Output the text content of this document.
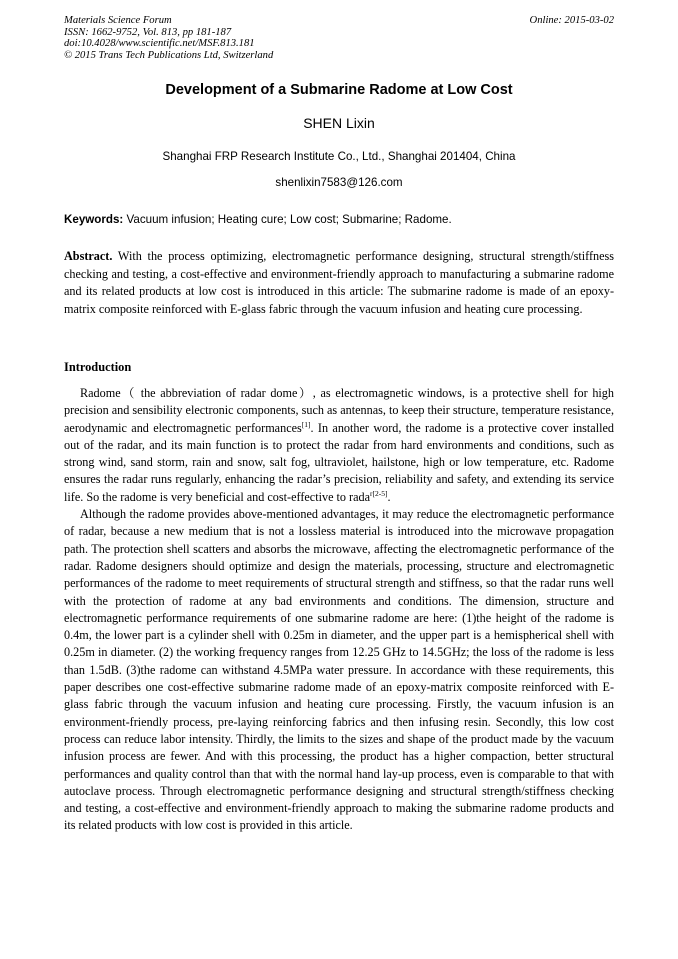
Materials Science Forum
ISSN: 1662-9752, Vol. 813, pp 181-187
doi:10.4028/www.scientific.net/MSF.813.181
© 2015 Trans Tech Publications Ltd, Switzerland
Online: 2015-03-02
Development of a Submarine Radome at Low Cost
SHEN Lixin
Shanghai FRP Research Institute Co., Ltd., Shanghai 201404, China
shenlixin7583@126.com
Keywords: Vacuum infusion; Heating cure; Low cost; Submarine; Radome.
Abstract. With the process optimizing, electromagnetic performance designing, structural strength/stiffness checking and testing, a cost-effective and environment-friendly approach to manufacturing a submarine radome and its related products at low cost is introduced in this article: The submarine radome is made of an epoxy-matrix composite reinforced with E-glass fabric through the vacuum infusion and heating cure processing.
Introduction

Radome（ the abbreviation of radar dome）, as electromagnetic windows, is a protective shell for high precision and sensibility electronic components, such as antennas, to keep their structure, temperature resistance, aerodynamic and electromagnetic performances[1]. In another word, the radome is a protective cover installed out of the radar, and its main function is to protect the radar from hard environments and conditions, such as strong wind, sand storm, rain and snow, salt fog, ultraviolet, hailstone, high or low temperature, etc. Radome ensures the radar runs regularly, enhancing the radar’s precision, reliability and safety, and extending its service life. So the radome is very beneficial and cost-effective to rada$^{r[2-5]}$.

Although the radome provides above-mentioned advantages, it may reduce the electromagnetic performance of radar, because a new medium that is not a lossless material is introduced into the microwave propagation path. The protection shell scatters and absorbs the microwave, affecting the electromagnetic performance of the radar. Radome designers should optimize and design the materials, processing, structure and electromagnetic performances of the radome to meet requirements of structural strength and stiffness, so that the radar runs well with the protection of radome at any bad environments and conditions. The dimension, structure and electromagnetic performance requirements of one submarine radome are here: (1)the height of the radome is 0.4m, the lower part is a cylinder shell with 0.25m in diameter, and the upper part is a hemispherical shell with 0.25m in diameter. (2) the working frequency ranges from 12.25 GHz to 14.5GHz; the loss of the radome is less than 1.5dB. (3)the radome can withstand 4.5MPa water pressure. In accordance with these requirements, this paper describes one cost-effective submarine radome made of an epoxy-matrix composite reinforced with E-glass fabric through the vacuum infusion and heating cure processing. Firstly, the vacuum infusion is an environment-friendly process, pre-laying reinforcing fabrics and then infusing resin. Secondly, this low cost process can reduce labor intensity. Thirdly, the limits to the sizes and shape of the product made by the vacuum infusion process are fewer. And with this processing, the product has a higher compaction, better structural performances and quality control than that with the normal hand lay-up process, even is comparable to that with autoclave process. Through electromagnetic performance designing and structural strength/stiffness checking and testing, a cost-effective and environment-friendly approach to making the submarine radome products and its related products with low cost is provided in this article.
